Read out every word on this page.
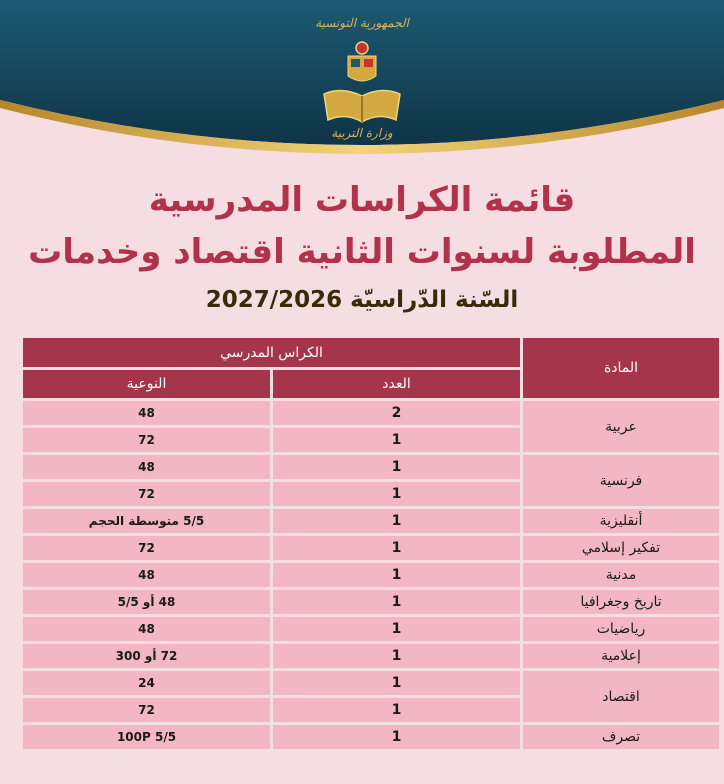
الجمهورية التونسية
وزارة التربية
قائمة الكراسات المدرسية
المطلوبة لسنوات الثانية اقتصاد وخدمات
السّنة الدّراسيّة 2027/2026
المادة	الكراس المدرسي	
	العدد	النوعية
عربية	2	48
	1	72
فرنسية	1	48
	1	72
أنقليزية	1	5/5 متوسطة الحجم
تفكير إسلامي	1	72
مدنية	1	48
تاريخ وجغرافيا	1	48 أو 5/5
رياضيات	1	48
إعلامية	1	72 أو 300
اقتصاد	1	24
	1	72
تصرف	1	5/5 100P
